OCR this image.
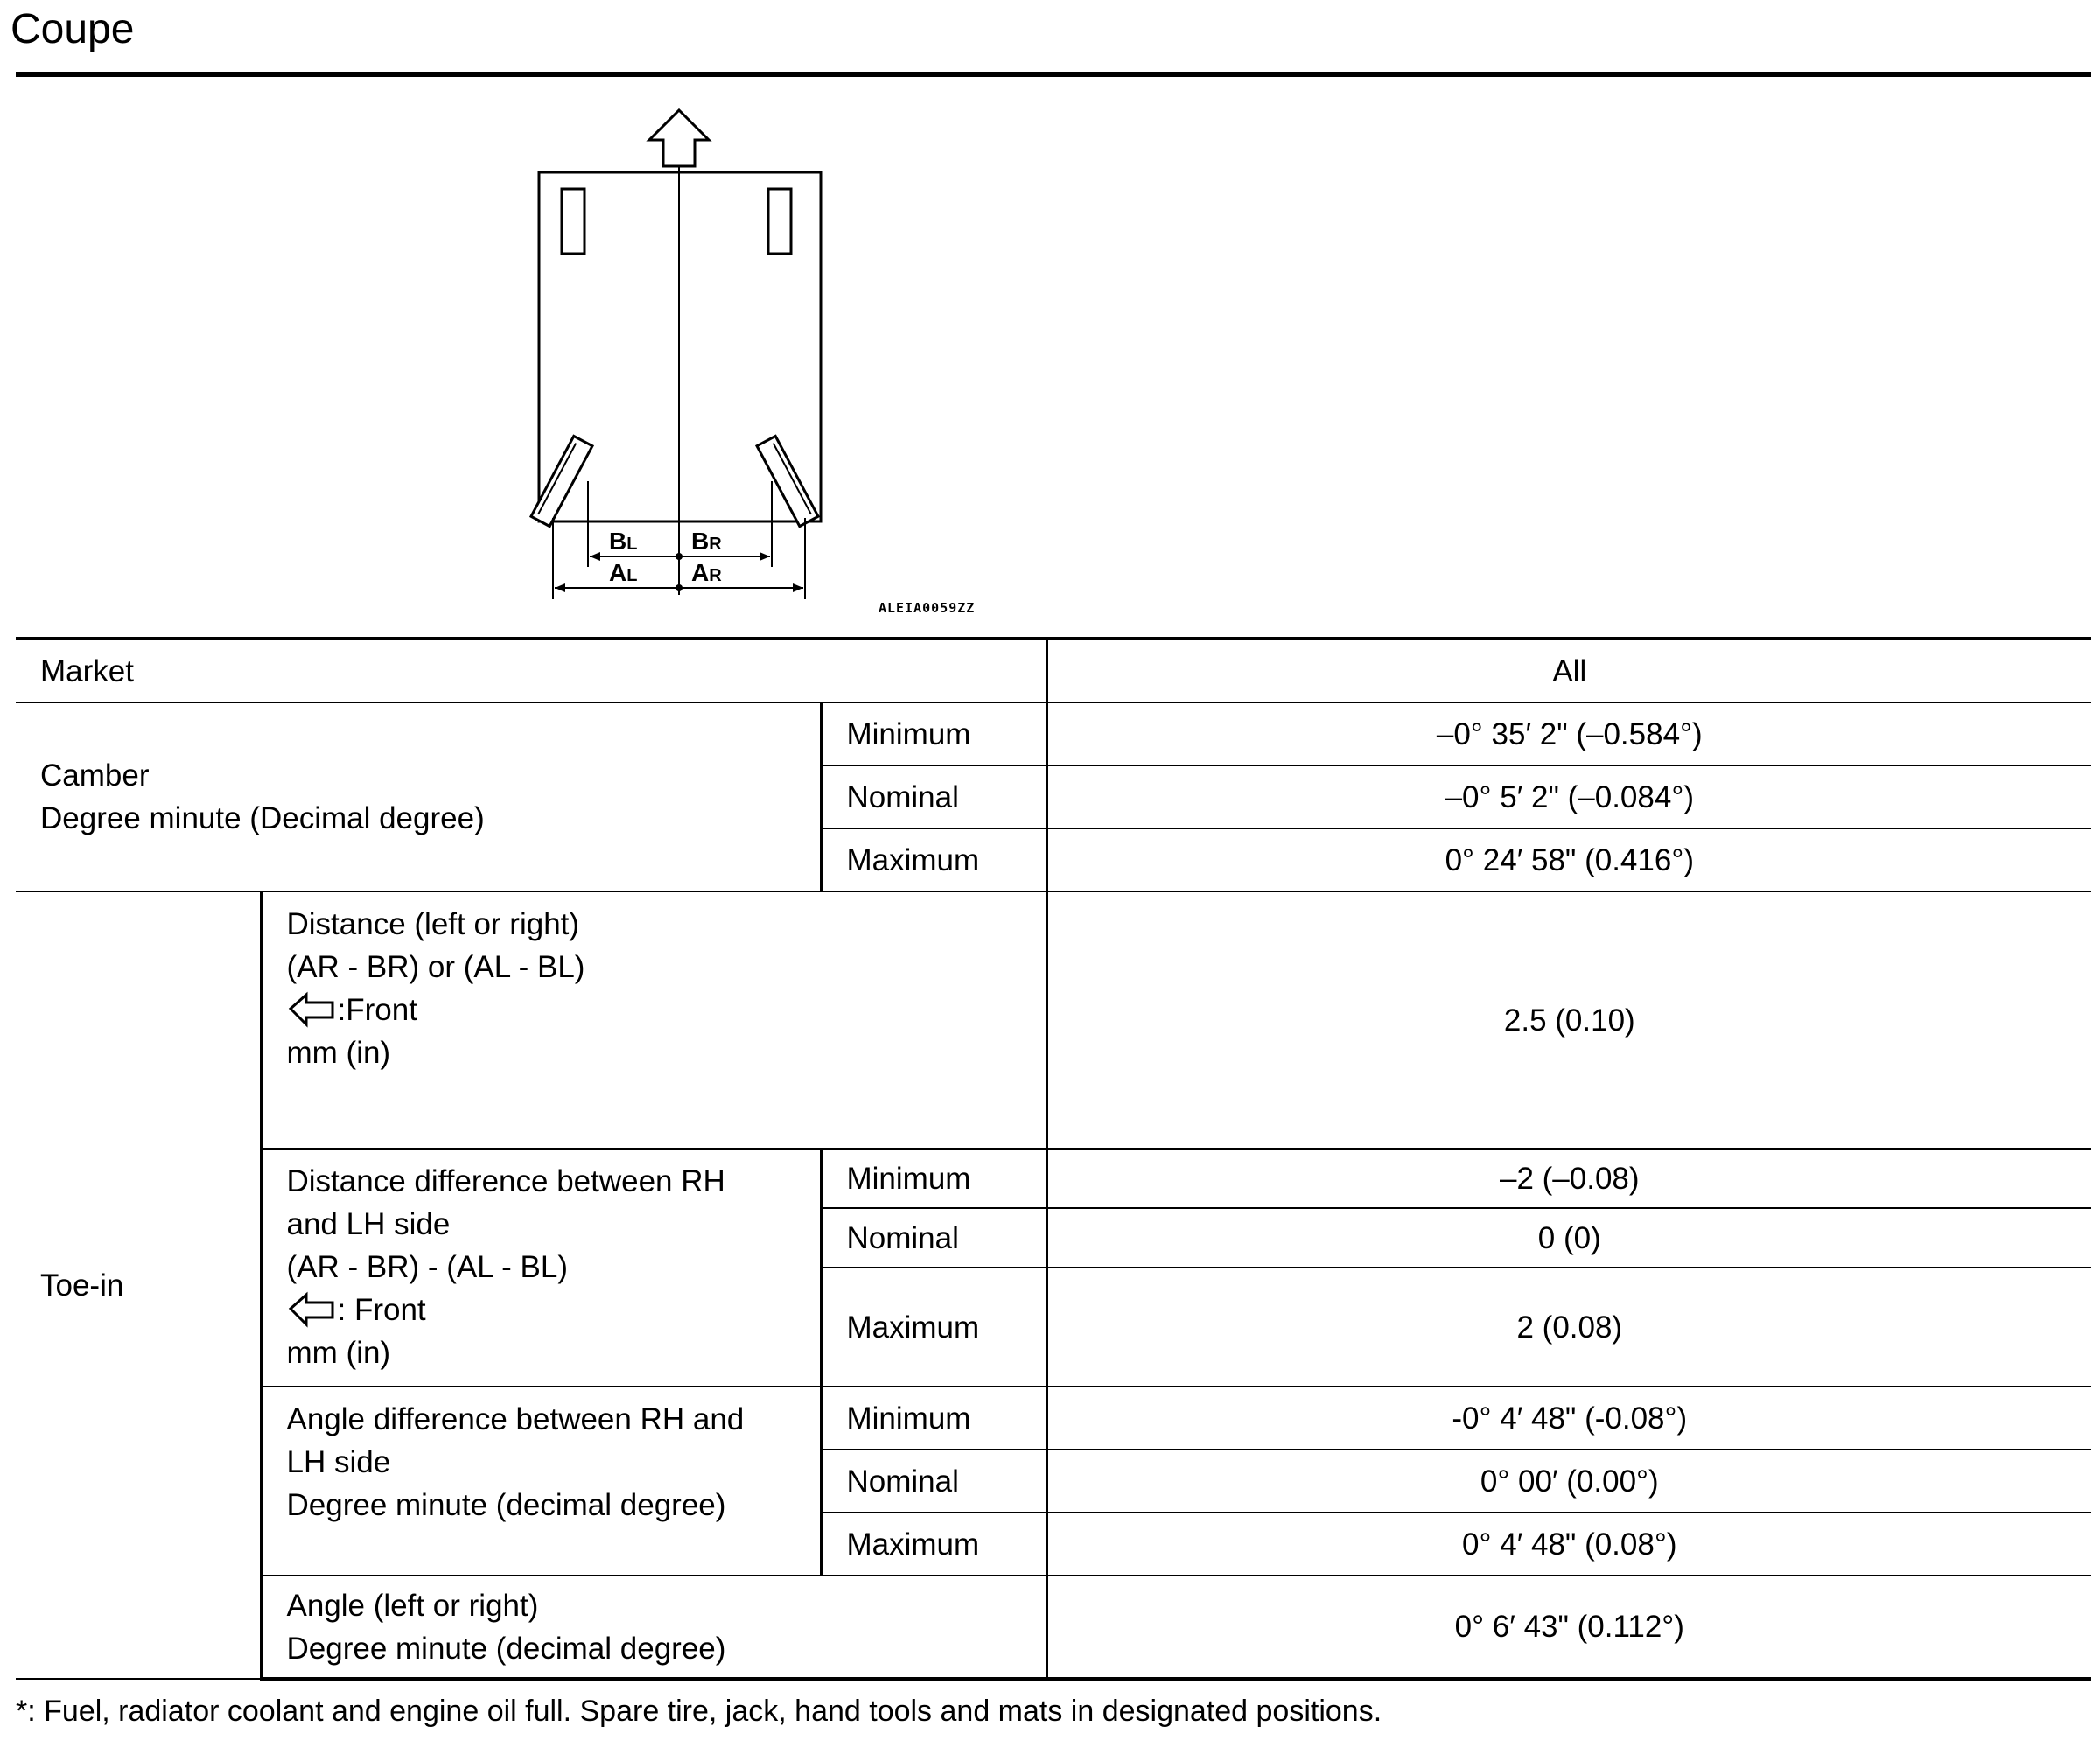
Coupe
BL BR
AL AR
ALEIA0059ZZ
Market			All

Camber
Degree minute (Decimal degree)		Minimum	–0° 35′ 2" (–0.584°)
		Nominal	–0° 5′ 2" (–0.084°)
		Maximum	0° 24′ 58" (0.416°)
Toe-in	Distance (left or right)
(AR - BR) or (AL - BL)
:Front
mm (in)		2.5 (0.10)

	Distance difference between RH
and LH side
(AR - BR) - (AL - BL)
: Front
mm (in)	Minimum	–2 (–0.08)
		Nominal	0 (0)
		Maximum	2 (0.08)

	Angle difference between RH and
LH side
Degree minute (decimal degree)	Minimum	-0° 4′ 48" (-0.08°)
		Nominal	0° 00′ (0.00°)
		Maximum	0° 4′ 48" (0.08°)

	Angle (left or right)
Degree minute (decimal degree)		0° 6′ 43" (0.112°)

*: Fuel, radiator coolant and engine oil full. Spare tire, jack, hand tools and mats in designated positions.
